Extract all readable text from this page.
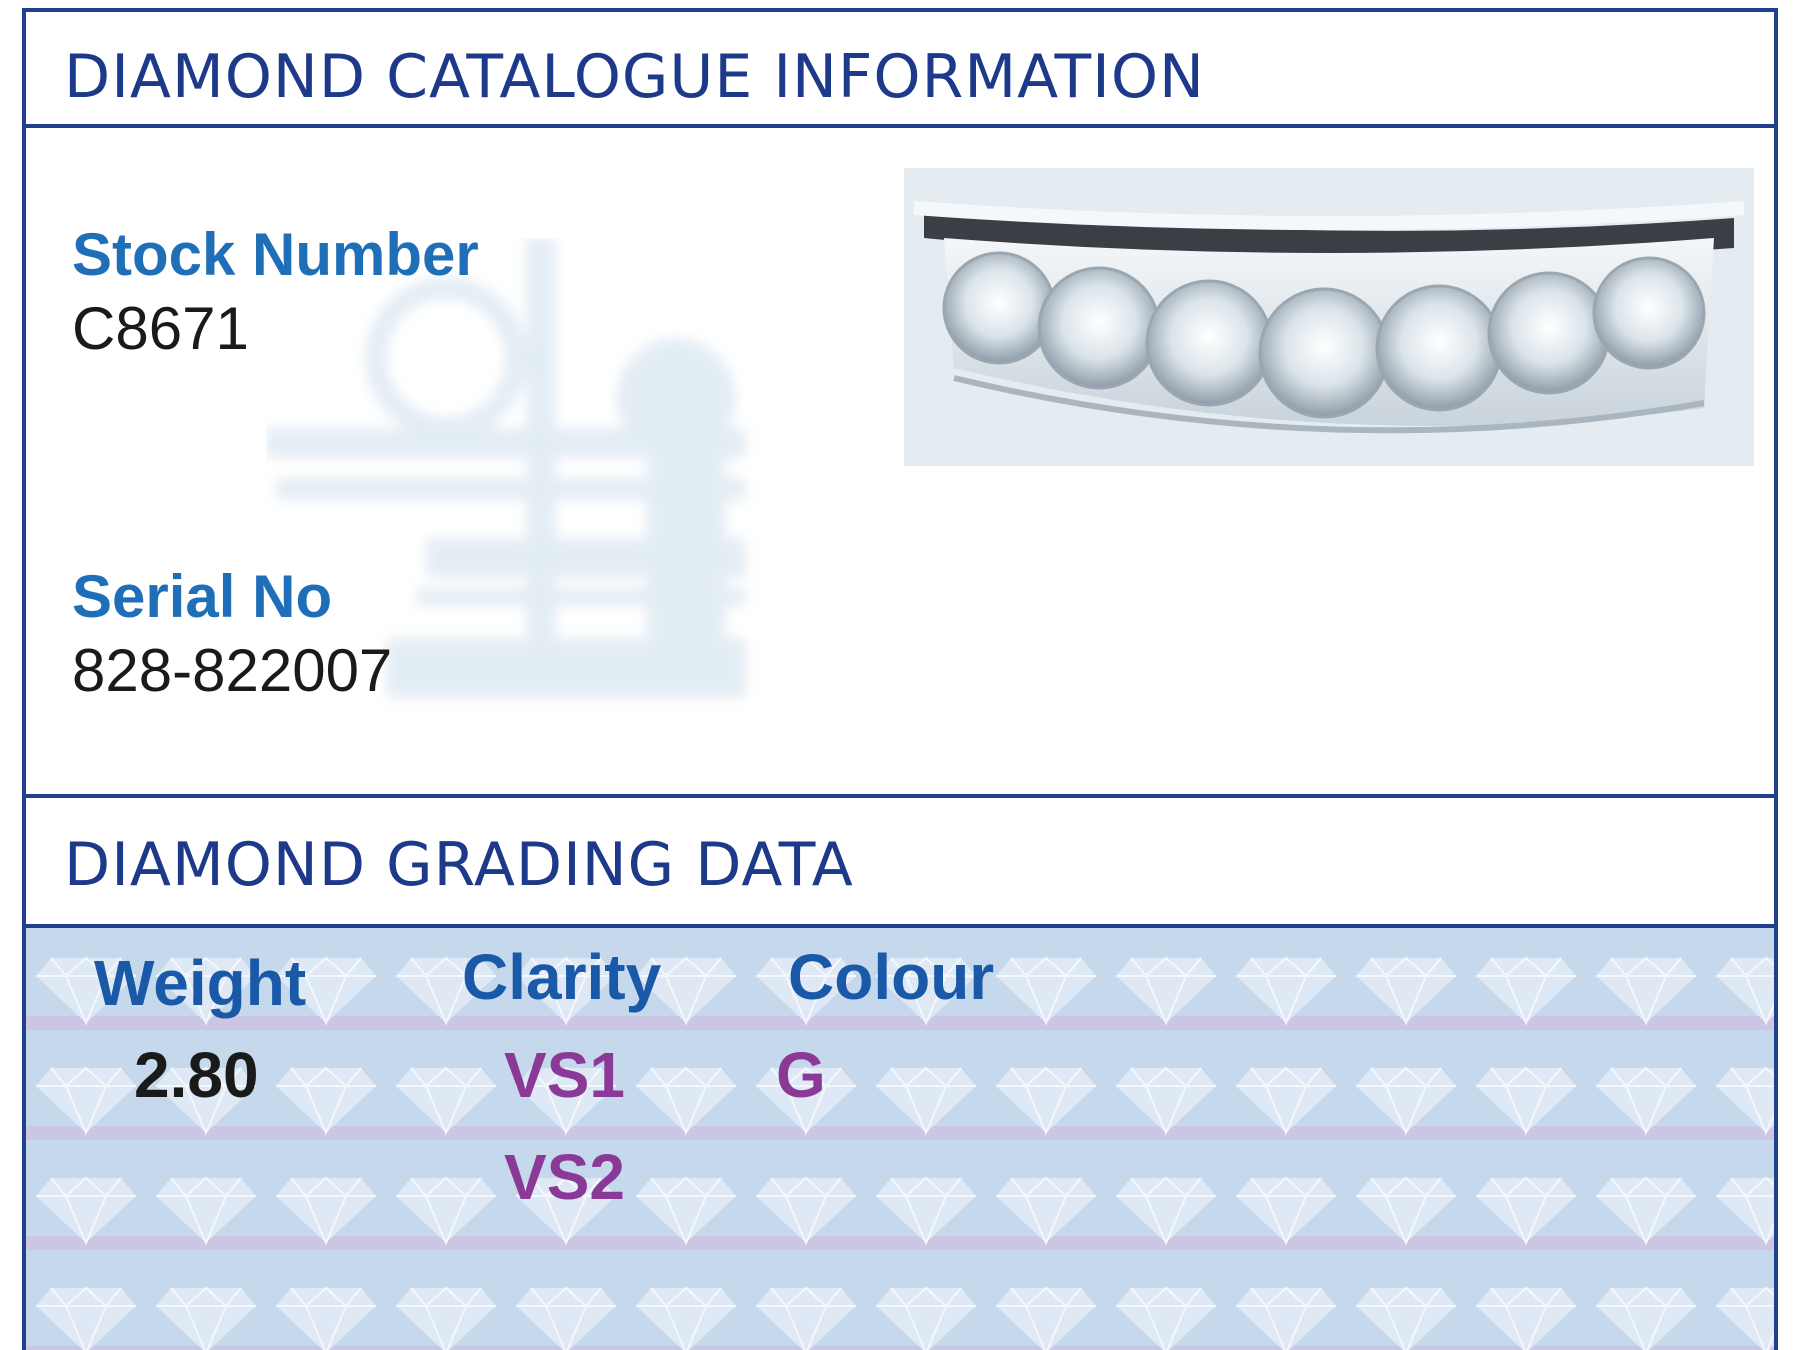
DIAMOND CATALOGUE INFORMATION
Stock Number
C8671
Serial No
828-822007
DIAMOND GRADING DATA
Weight Clarity Colour
2.80	VS1
VS2
G
